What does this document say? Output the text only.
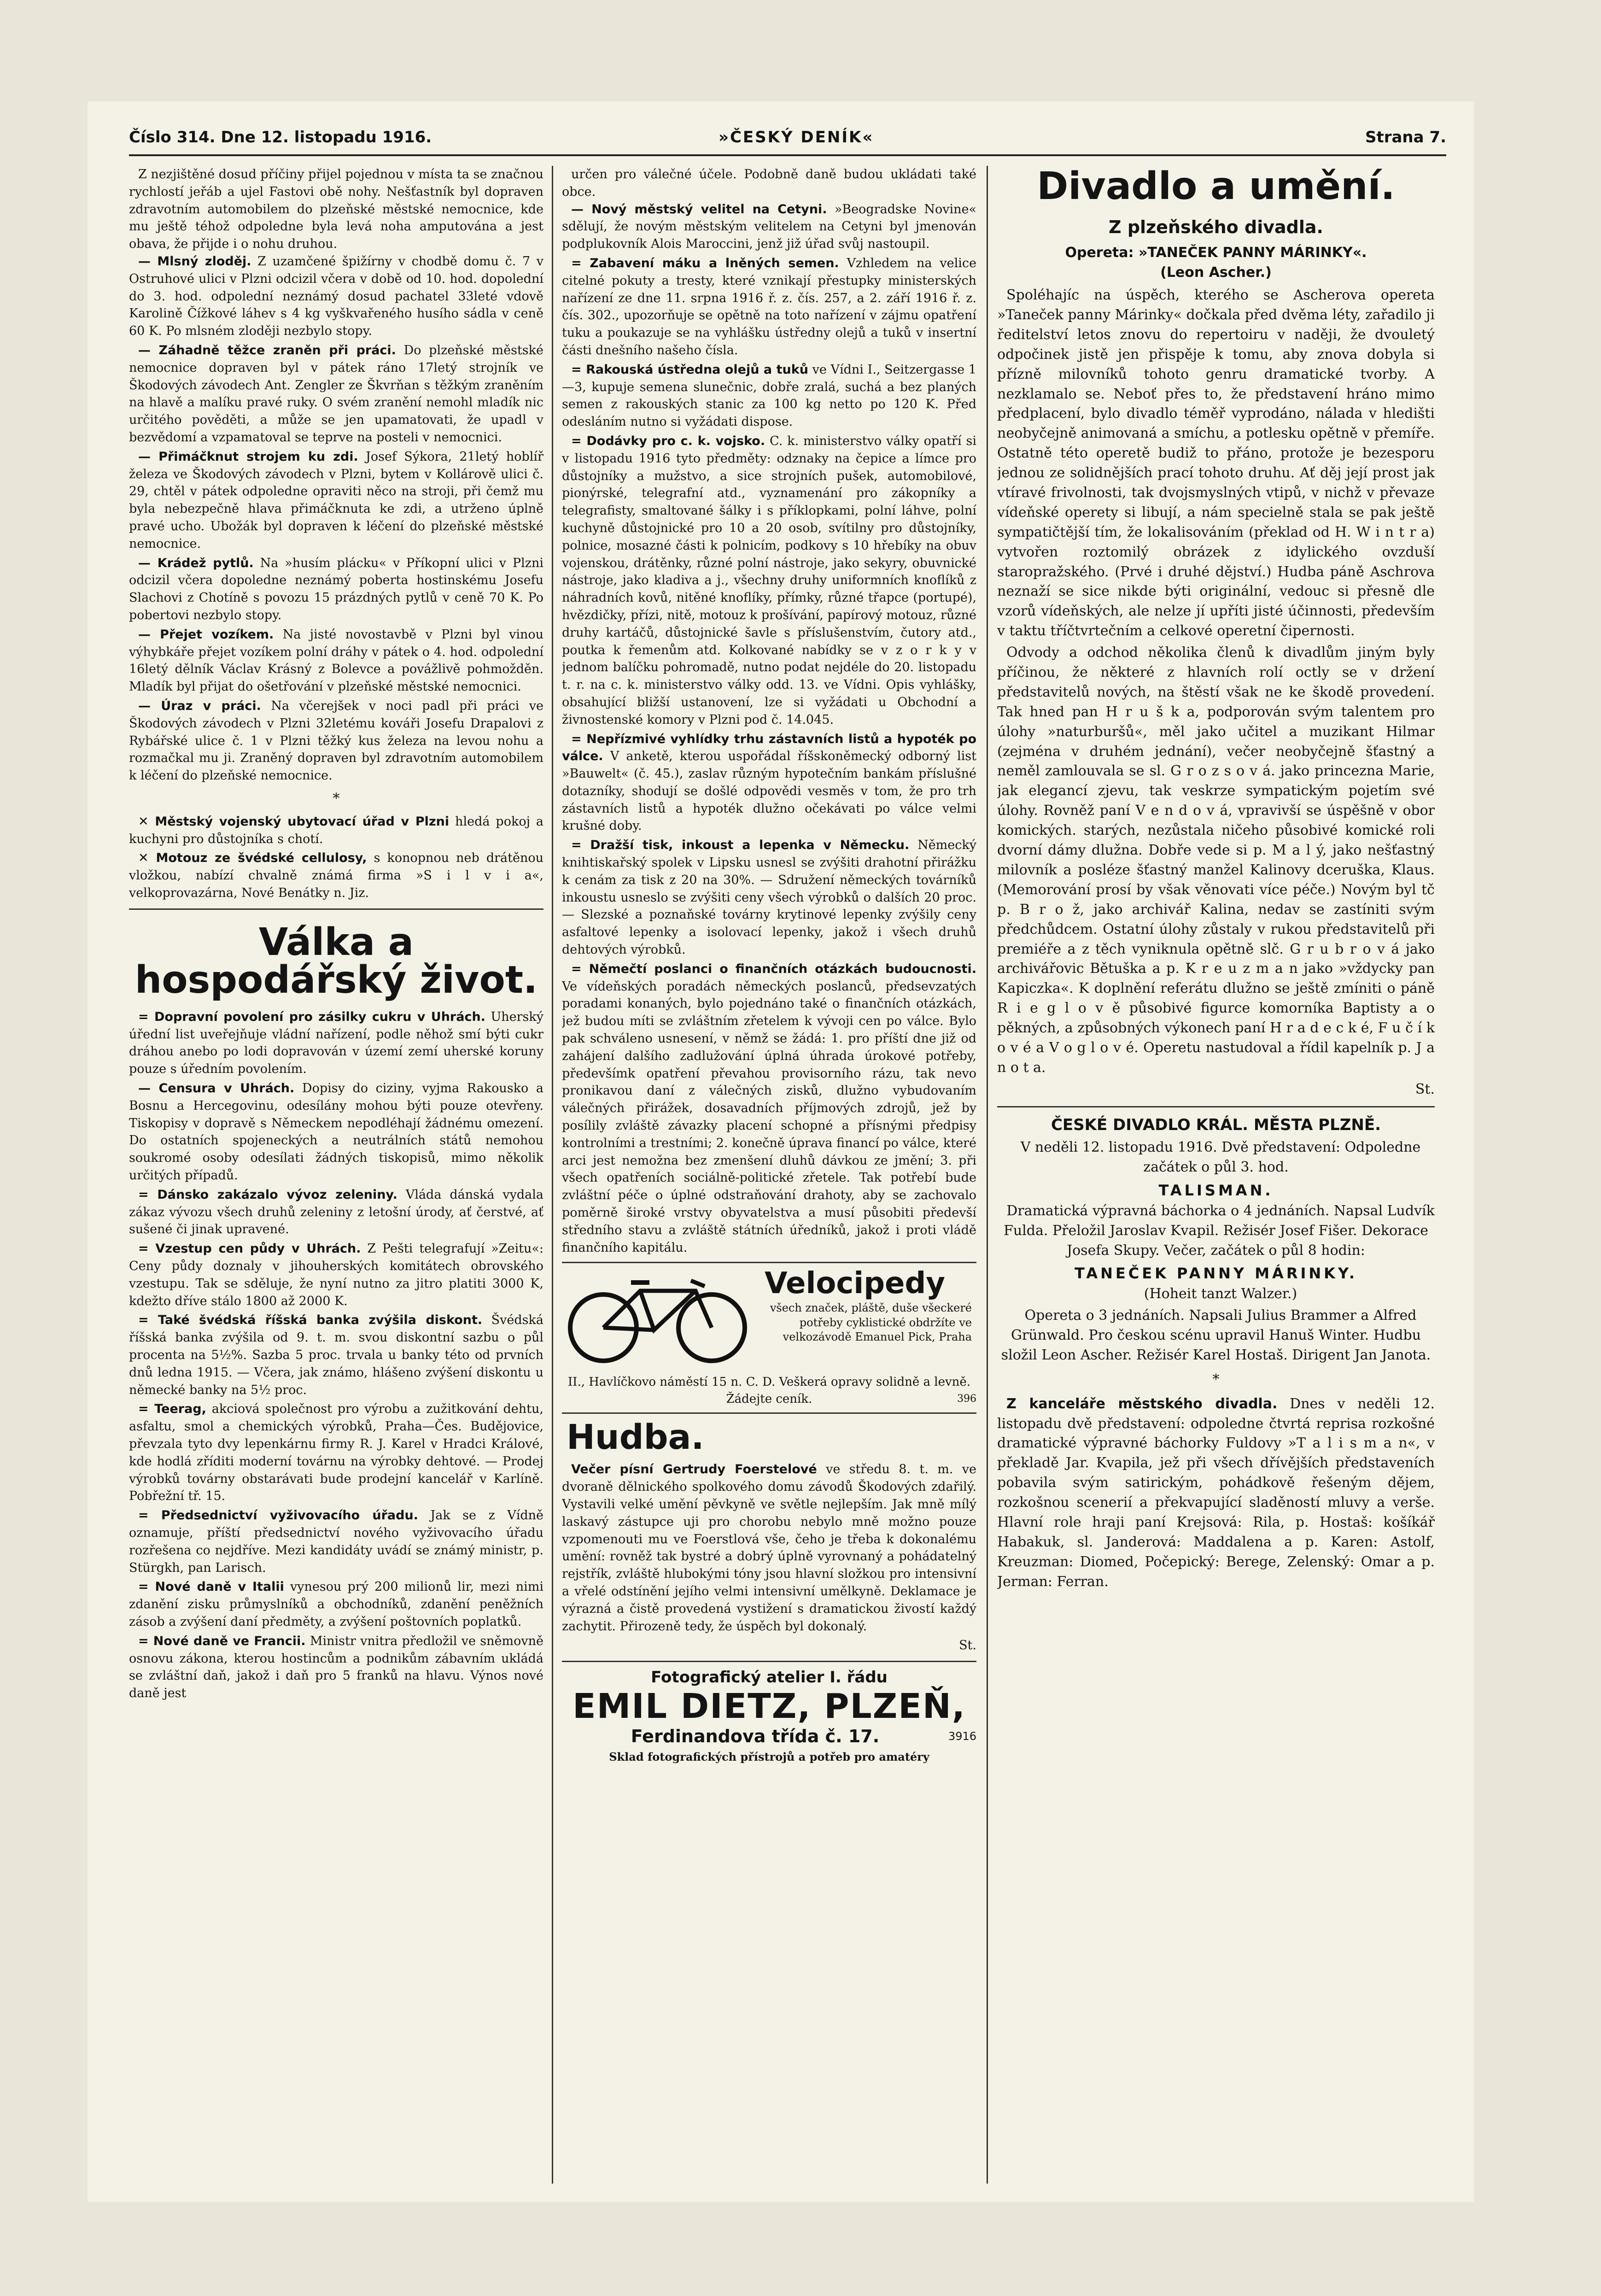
Číslo 314. Dne 12. listopadu 1916.	»ČESKÝ DENÍK«	Strana 7.

Z nezjištěné dosud příčiny přijel pojednou v místa ta se značnou rychlostí jeřáb a ujel Fastovi obě nohy. Nešťastník byl dopraven zdravotním automobilem do plzeňské městské nemocnice, kde mu ještě téhož odpoledne byla levá noha amputována a jest obava, že přijde i o nohu druhou.

— Mlsný zloděj. Z uzamčené špižírny v chodbě domu č. 7 v Ostruhové ulici v Plzni odcizil včera v době od 10. hod. dopolední do 3. hod. odpolední neznámý dosud pachatel 33leté vdově Karolině Čížkové láhev s 4 kg vyškvařeného husího sádla v ceně 60 K. Po mlsném zloději nezbylo stopy.

— Záhadně těžce zraněn při práci. Do plzeňské městské nemocnice dopraven byl v pátek ráno 17letý strojník ve Škodových závodech Ant. Zengler ze Škvrňan s těžkým zraněním na hlavě a malíku pravé ruky. O svém zranění nemohl mladík nic určitého pověděti, a může se jen upamatovati, že upadl v bezvědomí a vzpamatoval se teprve na posteli v nemocnici.

— Přimáčknut strojem ku zdi. Josef Sýkora, 21letý hoblíř železa ve Škodových závodech v Plzni, bytem v Kollárově ulici č. 29, chtěl v pátek odpoledne opraviti něco na stroji, při čemž mu byla nebezpečně hlava přimáčknuta ke zdi, a utrženo úplně pravé ucho. Ubožák byl dopraven k léčení do plzeňské městské nemocnice.

— Krádež pytlů. Na »husím plácku« v Příkopní ulici v Plzni odcizil včera dopoledne neznámý poberta hostinskému Josefu Slachovi z Chotíně s povozu 15 prázdných pytlů v ceně 70 K. Po pobertovi nezbylo stopy.

— Přejet vozíkem. Na jisté novostavbě v Plzni byl vinou výhybkáře přejet vozíkem polní dráhy v pátek o 4. hod. odpolední 16letý dělník Václav Krásný z Bolevce a povážlivě pohmožděn. Mladík byl přijat do ošetřování v plzeňské městské nemocnici.

— Úraz v práci. Na včerejšek v noci padl při práci ve Škodových závodech v Plzni 32letému kováři Josefu Drapalovi z Rybářské ulice č. 1 v Plzni těžký kus železa na levou nohu a rozmačkal mu ji. Zraněný dopraven byl zdravotním automobilem k léčení do plzeňské nemocnice.

*

✕ Městský vojenský ubytovací úřad v Plzni hledá pokoj a kuchyni pro důstojníka s chotí.

✕ Motouz ze švédské cellulosy, s konopnou neb drátěnou vložkou, nabízí chvalně známá firma »S i l v i a«, velkoprovazárna, Nové Benátky n. Jiz.

Válka a hospodářský život.

= Dopravní povolení pro zásilky cukru v Uhrách. Uherský úřední list uveřejňuje vládní nařízení, podle něhož smí býti cukr dráhou anebo po lodi dopravován v území zemí uherské koruny pouze s úředním povolením.

— Censura v Uhrách. Dopisy do ciziny, vyjma Rakousko a Bosnu a Hercegovinu, odesílány mohou býti pouze otevřeny. Tiskopisy v dopravě s Německem nepodléhají žádnému omezení. Do ostatních spojeneckých a neutrálních států nemohou soukromé osoby odesílati žádných tiskopisů, mimo několik určitých případů.

= Dánsko zakázalo vývoz zeleniny. Vláda dánská vydala zákaz vývozu všech druhů zeleniny z letošní úrody, ať čerstvé, ať sušené či jinak upravené.

= Vzestup cen půdy v Uhrách. Z Pešti telegrafují »Zeitu«: Ceny půdy doznaly v jihouherských komitátech obrovského vzestupu. Tak se sděluje, že nyní nutno za jitro platiti 3000 K, kdežto dříve stálo 1800 až 2000 K.

= Také švédská říšská banka zvýšila diskont. Švédská říšská banka zvýšila od 9. t. m. svou diskontní sazbu o půl procenta na 5½%. Sazba 5 proc. trvala u banky této od prvních dnů ledna 1915. — Včera, jak známo, hlášeno zvýšení diskontu u německé banky na 5½ proc.

= Teerag, akciová společnost pro výrobu a zužitkování dehtu, asfaltu, smol a chemických výrobků, Praha—Čes. Budějovice, převzala tyto dvy lepenkárnu firmy R. J. Karel v Hradci Králové, kde hodlá zříditi moderní továrnu na výrobky dehtové. — Prodej výrobků továrny obstarávati bude prodejní kancelář v Karlíně. Pobřežní tř. 15.

= Předsednictví vyživovacího úřadu. Jak se z Vídně oznamuje, příští předsednictví nového vyživovacího úřadu rozřešena co nejdříve. Mezi kandidáty uvádí se známý ministr, p. Stürgkh, pan Larisch.

= Nové daně v Italii vynesou prý 200 milionů lir, mezi nimi zdanění zisku průmyslníků a obchodníků, zdanění peněžních zásob a zvýšení daní předměty, a zvýšení poštovních poplatků.

= Nové daně ve Francii. Ministr vnitra předložil ve sněmovně osnovu zákona, kterou hostincům a podnikům zábavním ukládá se zvláštní daň, jakož i daň pro 5 franků na hlavu. Výnos nové daně jest

určen pro válečné účele. Podobně daně budou ukládati také obce.

— Nový městský velitel na Cetyni. »Beogradske Novine« sdělují, že novým městským velitelem na Cetyni byl jmenován podplukovník Alois Maroccini, jenž již úřad svůj nastoupil.

= Zabavení máku a lněných semen. Vzhledem na velice citelné pokuty a tresty, které vznikají přestupky ministerských nařízení ze dne 11. srpna 1916 ř. z. čís. 257, a 2. září 1916 ř. z. čís. 302., upozorňuje se opětně na toto nařízení v zájmu opatření tuku a poukazuje se na vyhlášku ústředny olejů a tuků v insertní části dnešního našeho čísla.

= Rakouská ústředna olejů a tuků ve Vídni I., Seitzergasse 1—3, kupuje semena slunečnic, dobře zralá, suchá a bez planých semen z rakouských stanic za 100 kg netto po 120 K. Před odesláním nutno si vyžádati dispose.

= Dodávky pro c. k. vojsko. C. k. ministerstvo války opatří si v listopadu 1916 tyto předměty: odznaky na čepice a límce pro důstojníky a mužstvo, a sice strojních pušek, automobilové, pionýrské, telegrafní atd., vyznamenání pro zákopníky a telegrafisty, smaltované šálky i s příklopkami, polní láhve, polní kuchyně důstojnické pro 10 a 20 osob, svítilny pro důstojníky, polnice, mosazné části k polnicím, podkovy s 10 hřebíky na obuv vojenskou, drátěnky, různé polní nástroje, jako sekyry, obuvnické nástroje, jako kladiva a j., všechny druhy uniformních knoflíků z náhradních kovů, nitěné knoflíky, přímky, různé třapce (portupé), hvězdičky, přízi, nitě, motouz k prošívání, papírový motouz, různé druhy kartáčů, důstojnické šavle s příslušenstvím, čutory atd., poutka k řemenům atd. Kolkované nabídky se v z o r k y v jednom balíčku pohromadě, nutno podat nejdéle do 20. listopadu t. r. na c. k. ministerstvo války odd. 13. ve Vídni. Opis vyhlášky, obsahující bližší ustanovení, lze si vyžádati u Obchodní a živnostenské komory v Plzni pod č. 14.045.

= Nepřízmivé vyhlídky trhu zástavních listů a hypoték po válce. V anketě, kterou uspořádal říšskoněmecký odborný list »Bauwelt« (č. 45.), zaslav různým hypotečním bankám příslušné dotazníky, shodují se došlé odpovědi vesměs v tom, že pro trh zástavních listů a hypoték dlužno očekávati po válce velmi krušné doby.

= Dražší tisk, inkoust a lepenka v Německu. Německý knihtiskařský spolek v Lipsku usnesl se zvýšiti drahotní přirážku k cenám za tisk z 20 na 30%. — Sdružení německých továrníků inkoustu usneslo se zvýšiti ceny všech výrobků o dalších 20 proc. — Slezské a poznaňské továrny krytinové lepenky zvýšily ceny asfaltové lepenky a isolovací lepenky, jakož i všech druhů dehtových výrobků.

= Němečtí poslanci o finančních otázkách budoucnosti. Ve vídeňských poradách německých poslanců, předsevzatých poradami konaných, bylo pojednáno také o finančních otázkách, jež budou míti se zvláštním zřetelem k vývoji cen po válce. Bylo pak schváleno usnesení, v němž se žádá: 1. pro příští dne již od zahájení dalšího zadlužování úplná úhrada úrokové potřeby, předevšímk opatření převahou provisorního rázu, tak nevo pronikavou daní z válečných zisků, dlužno vybudovaním válečných přirážek, dosavadních příjmových zdrojů, jež by posílily zvláště závazky placení schopné a přísnými předpisy kontrolními a trestními; 2. konečně úprava financí po válce, které arci jest nemožna bez zmenšení dluhů dávkou ze jmění; 3. při všech opatřeních sociálně-politické zřetele. Tak potřebí bude zvláštní péče o úplné odstraňování drahoty, aby se zachovalo poměrně široké vrstvy obyvatelstva a musí působiti předevší středního stavu a zvláště státních úředníků, jakož i proti vládě finančního kapitálu.

Velocipedy
všech značek, pláště, duše všeckeré potřeby cyklistické obdržíte ve velkozávodě Emanuel Pick, Praha
II., Havlíčkovo náměstí 15 n. C. D. Veškerá opravy solidně a levně. Žádejte ceník.	396
Hudba.

Večer písní Gertrudy Foerstelové ve středu 8. t. m. ve dvoraně dělnického spolkového domu závodů Škodových zdařilý. Vystavili velké umění pěvkyně ve světle nejlepším. Jak mně mílý laskavý zástupce uji pro chorobu nebylo mně možno pouze vzpomenouti mu ve Foerstlová vše, čeho je třeba k dokonalému umění: rovněž tak bystré a dobrý úplně vyrovnaný a pohádatelný rejstřík, zvláště hlubokými tóny jsou hlavní složkou pro intensivní a vřelé odstínění jejího velmi intensivní umělkyně. Deklamace je výrazná a čistě provedená vystižení s dramatickou živostí každý zachytit. Přirozeně tedy, že úspěch byl dokonalý.

St.

Fotografický atelier I. řádu
EMIL DIETZ, PLZEŇ,
Ferdinandova třída č. 17.	3916
Sklad fotografických přístrojů a potřeb pro amatéry
Divadlo a umění.
Z plzeňského divadla.

Opereta: »TANEČEK PANNY MÁRINKY«.

(Leon Ascher.)

Spoléhajíc na úspěch, kterého se Ascherova opereta »Taneček panny Márinky« dočkala před dvěma léty, zařadilo ji ředitelství letos znovu do repertoiru v naději, že dvouletý odpočinek jistě jen přispěje k tomu, aby znova dobyla si přízně milovníků tohoto genru dramatické tvorby. A nezklamalo se. Neboť přes to, že představení hráno mimo předplacení, bylo divadlo téměř vyprodáno, nálada v hledišti neobyčejně animovaná a smíchu, a potlesku opětně v přemíře. Ostatně této operetě budiž to přáno, protože je bezesporu jednou ze solidnějších prací tohoto druhu. Ať děj její prost jak vtíravé frivolnosti, tak dvojsmyslných vtipů, v nichž v převaze vídeňské operety si libují, a nám specielně stala se pak ještě sympatičtější tím, že lokalisováním (překlad od H. W i n t r a) vytvořen roztomilý obrázek z idylického ovzduší staropražského. (Prvé i druhé dějství.) Hudba páně Aschrova neznaží se sice nikde býti originální, vedouc si přesně dle vzorů vídeňských, ale nelze jí upříti jisté účinnosti, především v taktu tříčtvrtečním a celkové operetní čipernosti.

Odvody a odchod několika členů k divadlům jiným byly příčinou, že některé z hlavních rolí octly se v držení představitelů nových, na štěstí však ne ke škodě provedení. Tak hned pan H r u š k a, podporován svým talentem pro úlohy »naturburšů«, měl jako učitel a muzikant Hilmar (zejména v druhém jednání), večer neobyčejně šťastný a neměl zamlouvala se sl. G r o z s o v á. jako princezna Marie, jak elegancí zjevu, tak veskrze sympatickým pojetím své úlohy. Rovněž paní V e n d o v á, vpravivší se úspěšně v obor komických. starých, nezůstala ničeho působivé komické roli dvorní dámy dlužna. Dobře vede si p. M a l ý, jako nešťastný milovník a posléze šťastný manžel Kalinovy dceruška, Klaus. (Memorování prosí by však věnovati více péče.) Novým byl tč p. B r o ž, jako archivář Kalina, nedav se zastíniti svým předchůdcem. Ostatní úlohy zůstaly v rukou představitelů při premiéře a z těch vyniknula opětně slč. G r u b r o v á jako archivářovic Bětuška a p. K r e u z m a n jako »vždycky pan Kapiczka«. K doplnění referátu dlužno se ještě zmíniti o páně R i e g l o v ě působivé figurce komorníka Baptisty a o pěkných, a způsobných výkonech paní H r a d e c k é, F u č í k o v é a V o g l o v é. Operetu nastudoval a řídil kapelník p. J a n o t a.

St.

ČESKÉ DIVADLO KRÁL. MĚSTA PLZNĚ.

V neděli 12. listopadu 1916. Dvě představení: Odpoledne začátek o půl 3. hod.

TALISMAN.

Dramatická výpravná báchorka o 4 jednáních. Napsal Ludvík Fulda. Přeložil Jaroslav Kvapil. Režisér Josef Fišer. Dekorace Josefa Skupy. Večer, začátek o půl 8 hodin:

TANEČEK PANNY MÁRINKY.

(Hoheit tanzt Walzer.)

Opereta o 3 jednáních. Napsali Julius Brammer a Alfred Grünwald. Pro českou scénu upravil Hanuš Winter. Hudbu složil Leon Ascher. Režisér Karel Hostaš. Dirigent Jan Janota.

*

Z kanceláře městského divadla. Dnes v neděli 12. listopadu dvě představení: odpoledne čtvrtá reprisa rozkošné dramatické výpravné báchorky Fuldovy »T a l i s m a n«, v překladě Jar. Kvapila, jež při všech dřívějších představeních pobavila svým satirickým, pohádkově řešeným dějem, rozkošnou scenerií a překvapující sladěností mluvy a verše. Hlavní role hraji paní Krejsová: Rila, p. Hostaš: košíkář Habakuk, sl. Janderová: Maddalena a p. Karen: Astolf, Kreuzman: Diomed, Počepický: Berege, Zelenský: Omar a p. Jerman: Ferran.
